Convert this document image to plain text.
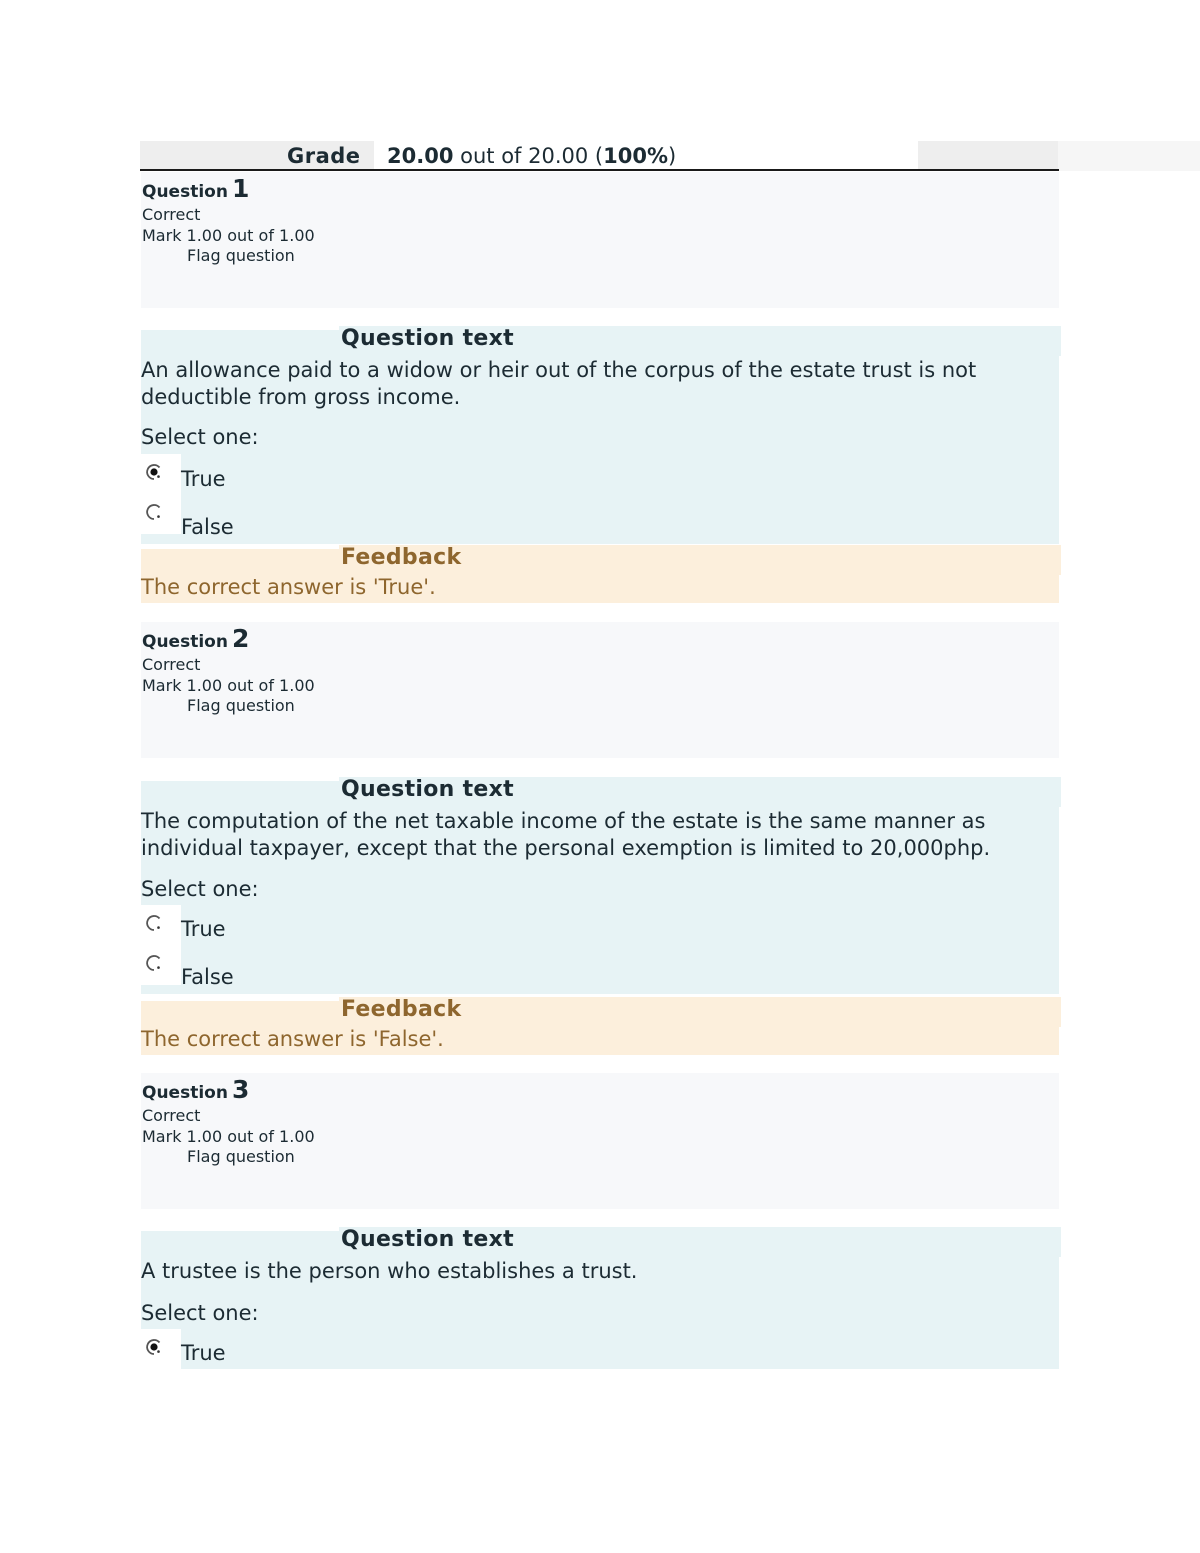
Grade 20.00 out of 20.00 (100%)
Question 1
Correct
Mark 1.00 out of 1.00
Flag question
Question text
An allowance paid to a widow or heir out of the corpus of the estate trust is not deductible from gross income.
Select one:
True
False
Feedback
The correct answer is 'True'.
Question 2
Correct
Mark 1.00 out of 1.00
Flag question
Question text
The computation of the net taxable income of the estate is the same manner as individual taxpayer, except that the personal exemption is limited to 20,000php.
Select one:
True
False
Feedback
The correct answer is 'False'.
Question 3
Correct
Mark 1.00 out of 1.00
Flag question
Question text
A trustee is the person who establishes a trust.
Select one:
True
